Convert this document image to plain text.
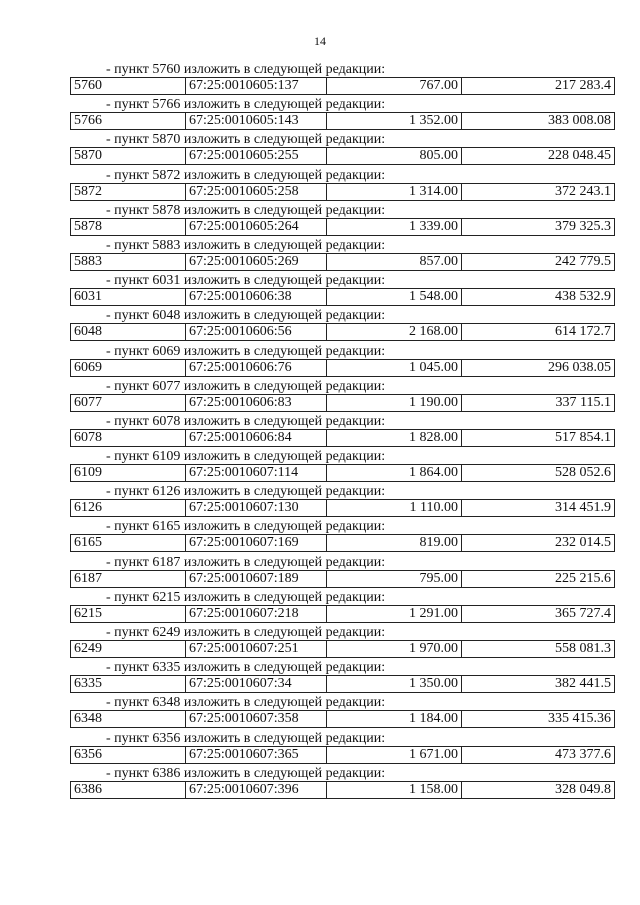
14
- пункт 5760 изложить в следующей редакции:
5760	67:25:0010605:137	767.00	217 283.4
- пункт 5766 изложить в следующей редакции:
5766	67:25:0010605:143	1 352.00	383 008.08
- пункт 5870 изложить в следующей редакции:
5870	67:25:0010605:255	805.00	228 048.45
- пункт 5872 изложить в следующей редакции:
5872	67:25:0010605:258	1 314.00	372 243.1
- пункт 5878 изложить в следующей редакции:
5878	67:25:0010605:264	1 339.00	379 325.3
- пункт 5883 изложить в следующей редакции:
5883	67:25:0010605:269	857.00	242 779.5
- пункт 6031 изложить в следующей редакции:
6031	67:25:0010606:38	1 548.00	438 532.9
- пункт 6048 изложить в следующей редакции:
6048	67:25:0010606:56	2 168.00	614 172.7
- пункт 6069 изложить в следующей редакции:
6069	67:25:0010606:76	1 045.00	296 038.05
- пункт 6077 изложить в следующей редакции:
6077	67:25:0010606:83	1 190.00	337 115.1
- пункт 6078 изложить в следующей редакции:
6078	67:25:0010606:84	1 828.00	517 854.1
- пункт 6109 изложить в следующей редакции:
6109	67:25:0010607:114	1 864.00	528 052.6
- пункт 6126 изложить в следующей редакции:
6126	67:25:0010607:130	1 110.00	314 451.9
- пункт 6165 изложить в следующей редакции:
6165	67:25:0010607:169	819.00	232 014.5
- пункт 6187 изложить в следующей редакции:
6187	67:25:0010607:189	795.00	225 215.6
- пункт 6215 изложить в следующей редакции:
6215	67:25:0010607:218	1 291.00	365 727.4
- пункт 6249 изложить в следующей редакции:
6249	67:25:0010607:251	1 970.00	558 081.3
- пункт 6335 изложить в следующей редакции:
6335	67:25:0010607:34	1 350.00	382 441.5
- пункт 6348 изложить в следующей редакции:
6348	67:25:0010607:358	1 184.00	335 415.36
- пункт 6356 изложить в следующей редакции:
6356	67:25:0010607:365	1 671.00	473 377.6
- пункт 6386 изложить в следующей редакции:
6386	67:25:0010607:396	1 158.00	328 049.8
